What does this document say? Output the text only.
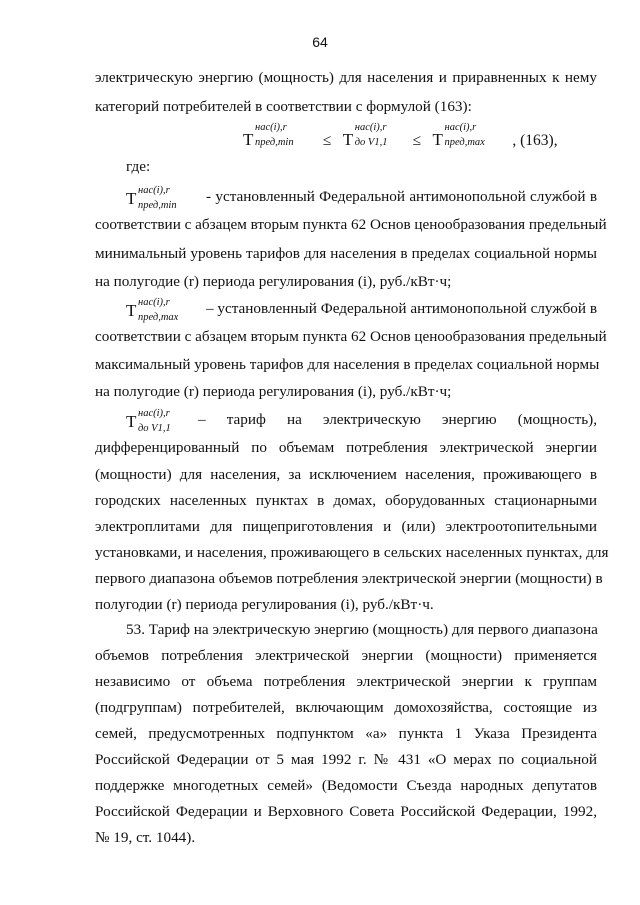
64
электрическую энергию (мощность) для населения и приравненных к нему
категорий потребителей в соответствии с формулой (163):
Т
нас(i),r
пред,min ≤ Т
нас(i),r
до V1,1 ≤ Т
нас(i),r
пред,max , (163),
где:
Т нас(i),r
пред,min
- установленный Федеральной антимонопольной службой в
соответствии с абзацем вторым пункта 62 Основ ценообразования предельный
минимальный уровень тарифов для населения в пределах социальной нормы
на полугодие (r) периода регулирования (i), руб./кВт·ч;
Т нас(i),r
пред,max
– установленный Федеральной антимонопольной службой в
соответствии с абзацем вторым пункта 62 Основ ценообразования предельный
максимальный уровень тарифов для населения в пределах социальной нормы
на полугодие (r) периода регулирования (i), руб./кВт·ч;
Т нас(i),r
до V1,1
– тариф на электрическую энергию (мощность),
дифференцированный по объемам потребления электрической энергии
(мощности) для населения, за исключением населения, проживающего в
городских населенных пунктах в домах, оборудованных стационарными
электроплитами для пищеприготовления и (или) электроотопительными
установками, и населения, проживающего в сельских населенных пунктах, для
первого диапазона объемов потребления электрической энергии (мощности) в
полугодии (r) периода регулирования (i), руб./кВт·ч.
53. Тариф на электрическую энергию (мощность) для первого диапазона
объемов потребления электрической энергии (мощности) применяется
независимо от объема потребления электрической энергии к группам
(подгруппам) потребителей, включающим домохозяйства, состоящие из
семей, предусмотренных подпунктом «а» пункта 1 Указа Президента
Российской Федерации от 5 мая 1992 г. № 431 «О мерах по социальной
поддержке многодетных семей» (Ведомости Съезда народных депутатов
Российской Федерации и Верховного Совета Российской Федерации, 1992,
№ 19, ст. 1044).
